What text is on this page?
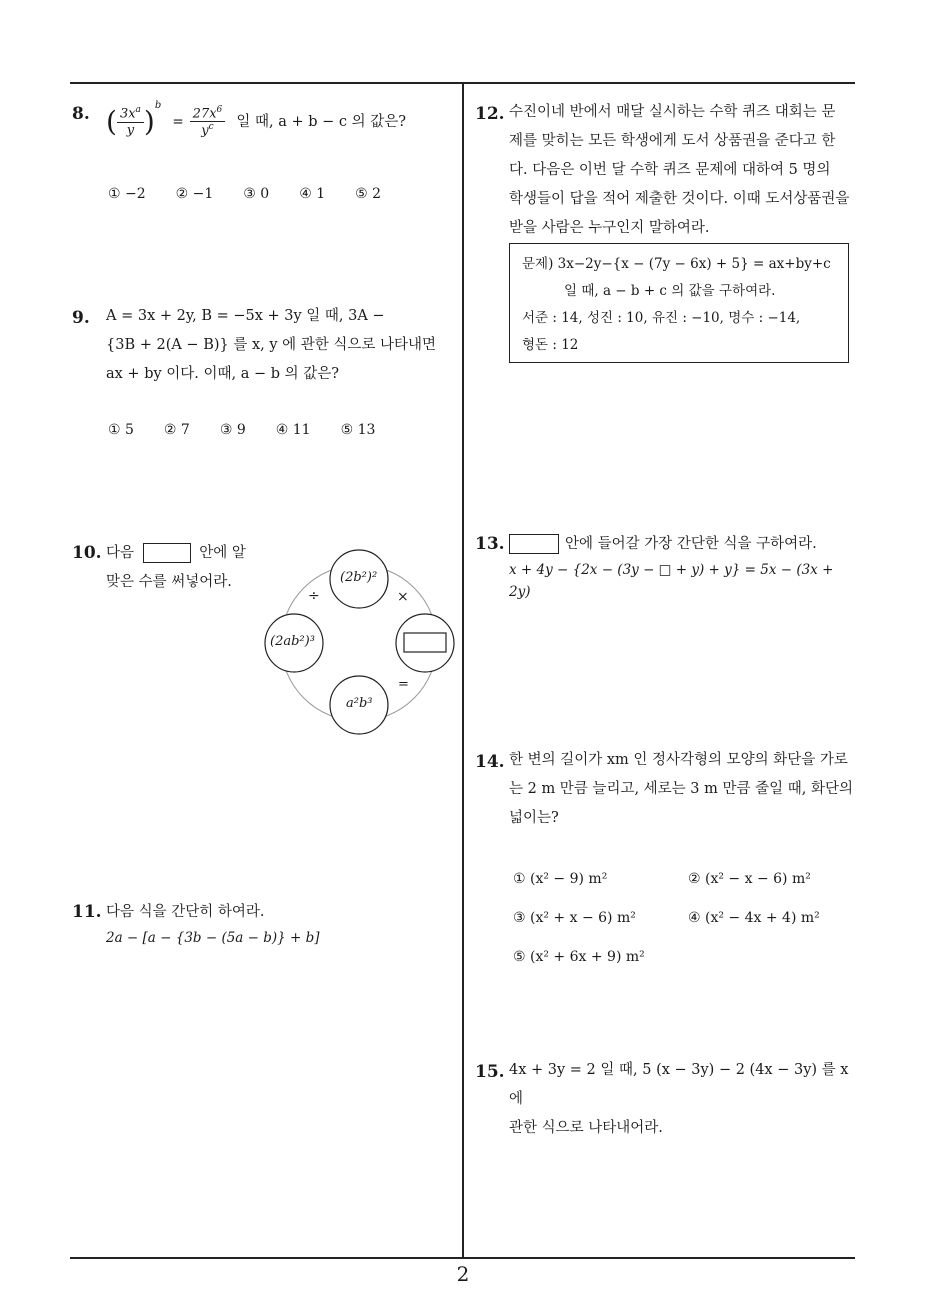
8. ( $\frac{3x^a}{y} )^b = \frac{27x^6}{y^c}$ 일 때, a + b − c 의 값은?
① −2 ② −1 ③ 0 ④ 1 ⑤ 2
9. A = 3x + 2y, B = −5x + 3y 일 때, 3A −
{3B + 2(A − B)} 를 x, y 에 관한 식으로 나타내면
ax + by 이다. 이때, a − b 의 값은?
① 5 ② 7 ③ 9 ④ 11 ⑤ 13
10. 다음	안에 알
맞은 수를 써넣어라.	(2b²)²
(2ab²)³
a²b³
÷	×
=
11. 다음 식을 간단히 하여라.
2a − [a − {3b − (5a − b)} + b]
12. 수진이네 반에서 매달 실시하는 수학 퀴즈 대회는 문
제를 맞히는 모든 학생에게 도서 상품권을 준다고 한
다. 다음은 이번 달 수학 퀴즈 문제에 대하여 5 명의
학생들이 답을 적어 제출한 것이다. 이때 도서상품권을
받을 사람은 누구인지 말하여라.
문제) 3x−2y−{x − (7y − 6x) + 5} = ax+by+c
일 때, a − b + c 의 값을 구하여라.
서준 : 14, 성진 : 10, 유진 : −10, 명수 : −14,
형돈 : 12
13.	안에 들어갈 가장 간단한 식을 구하여라.
x + 4y − {2x − (3y − □ + y) + y} = 5x − (3x + 2y)
14. 한 변의 길이가 xm 인 정사각형의 모양의 화단을 가로
는 2 m 만큼 늘리고, 세로는 3 m 만큼 줄일 때, 화단의
넓이는?
① (x² − 9) m²	② (x² − x − 6) m²
③ (x² + x − 6) m²	④ (x² − 4x + 4) m²
⑤ (x² + 6x + 9) m²
15. 4x + 3y = 2 일 때, 5 (x − 3y) − 2 (4x − 3y) 를 x 에
관한 식으로 나타내어라.
2
